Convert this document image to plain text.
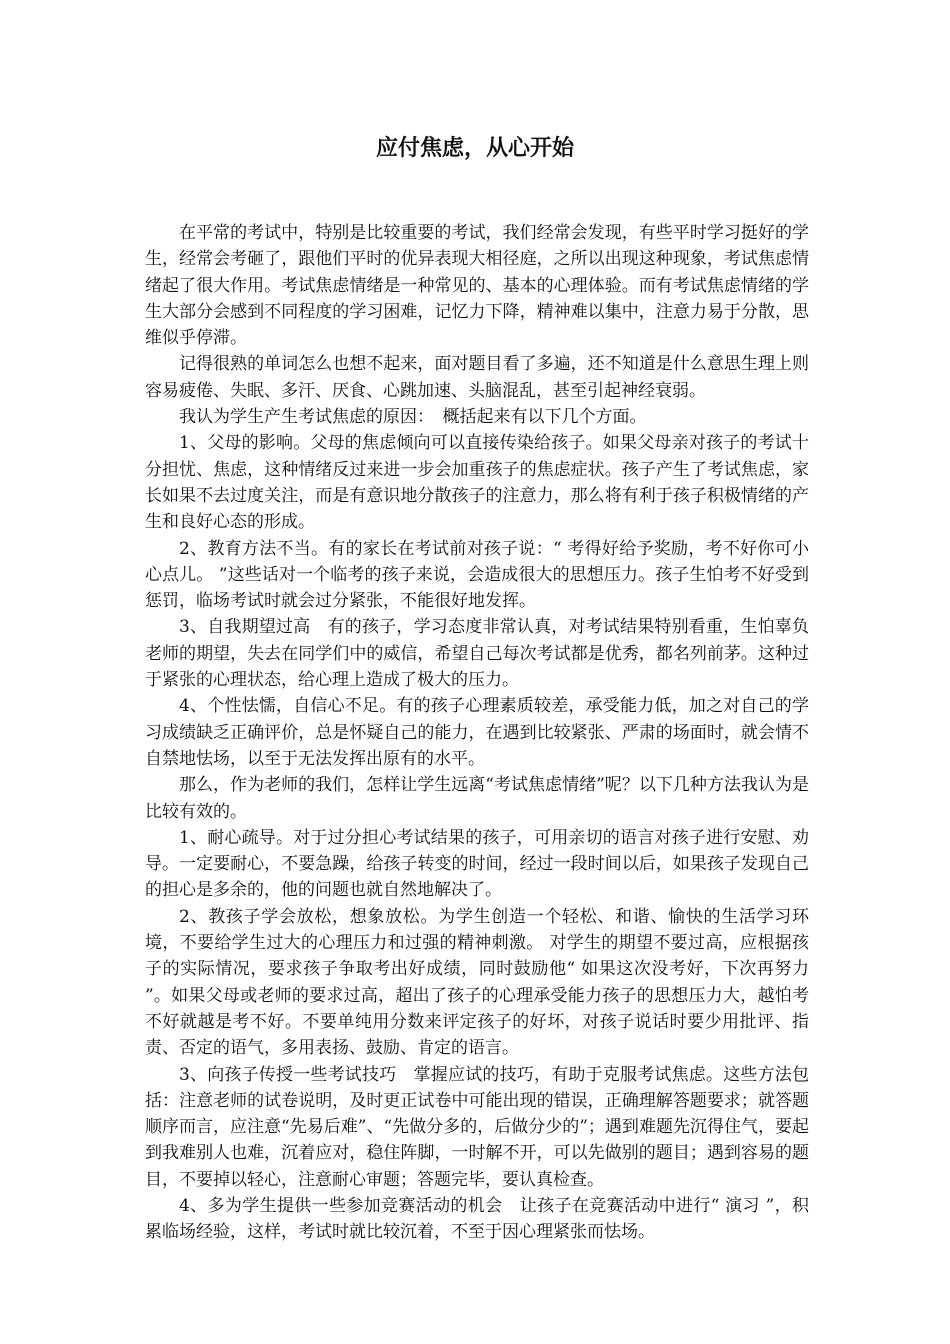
应付焦虑，从心开始

在平常的考试中，特别是比较重要的考试，我们经常会发现，有些平时学习挺好的学生，经常会考砸了，跟他们平时的优异表现大相径庭，之所以出现这种现象，考试焦虑情绪起了很大作用。考试焦虑情绪是一种常见的、基本的心理体验。而有考试焦虑情绪的学生大部分会感到不同程度的学习困难，记忆力下降，精神难以集中，注意力易于分散，思维似乎停滞。

记得很熟的单词怎么也想不起来，面对题目看了多遍，还不知道是什么意思生理上则容易疲倦、失眠、多汗、厌食、心跳加速、头脑混乱，甚至引起神经衰弱。

我认为学生产生考试焦虑的原因：　概括起来有以下几个方面。

1、父母的影响。父母的焦虑倾向可以直接传染给孩子。如果父母亲对孩子的考试十分担忧、焦虑，这种情绪反过来进一步会加重孩子的焦虑症状。孩子产生了考试焦虑，家长如果不去过度关注，而是有意识地分散孩子的注意力，那么将有利于孩子积极情绪的产生和良好心态的形成。

2、教育方法不当。有的家长在考试前对孩子说：“ 考得好给予奖励，考不好你可小心点儿。 ”这些话对一个临考的孩子来说，会造成很大的思想压力。孩子生怕考不好受到惩罚，临场考试时就会过分紧张，不能很好地发挥。

3、自我期望过高　有的孩子，学习态度非常认真，对考试结果特别看重，生怕辜负老师的期望，失去在同学们中的威信，希望自己每次考试都是优秀，都名列前茅。这种过于紧张的心理状态，给心理上造成了极大的压力。

4、个性怯懦，自信心不足。有的孩子心理素质较差，承受能力低，加之对自己的学习成绩缺乏正确评价，总是怀疑自己的能力，在遇到比较紧张、严肃的场面时，就会情不自禁地怯场，以至于无法发挥出原有的水平。

那么，作为老师的我们，怎样让学生远离“考试焦虑情绪”呢？以下几种方法我认为是比较有效的。

1、耐心疏导。对于过分担心考试结果的孩子，可用亲切的语言对孩子进行安慰、劝导。一定要耐心，不要急躁，给孩子转变的时间，经过一段时间以后，如果孩子发现自己的担心是多余的，他的问题也就自然地解决了。

2、教孩子学会放松，想象放松。为学生创造一个轻松、和谐、愉快的生活学习环境，不要给学生过大的心理压力和过强的精神刺激。 对学生的期望不要过高，应根据孩子的实际情况，要求孩子争取考出好成绩，同时鼓励他“ 如果这次没考好，下次再努力 ”。如果父母或老师的要求过高，超出了孩子的心理承受能力孩子的思想压力大，越怕考不好就越是考不好。不要单纯用分数来评定孩子的好坏，对孩子说话时要少用批评、指责、否定的语气，多用表扬、鼓励、肯定的语言。

3、向孩子传授一些考试技巧　掌握应试的技巧，有助于克服考试焦虑。这些方法包括：注意老师的试卷说明，及时更正试卷中可能出现的错误，正确理解答题要求；就答题顺序而言，应注意“先易后难”、“先做分多的，后做分少的”；遇到难题先沉得住气，要起到我难别人也难，沉着应对，稳住阵脚，一时解不开，可以先做别的题目；遇到容易的题目，不要掉以轻心，注意耐心审题；答题完毕，要认真检查。

4、多为学生提供一些参加竞赛活动的机会　让孩子在竞赛活动中进行“ 演习 ”，积累临场经验，这样，考试时就比较沉着，不至于因心理紧张而怯场。
